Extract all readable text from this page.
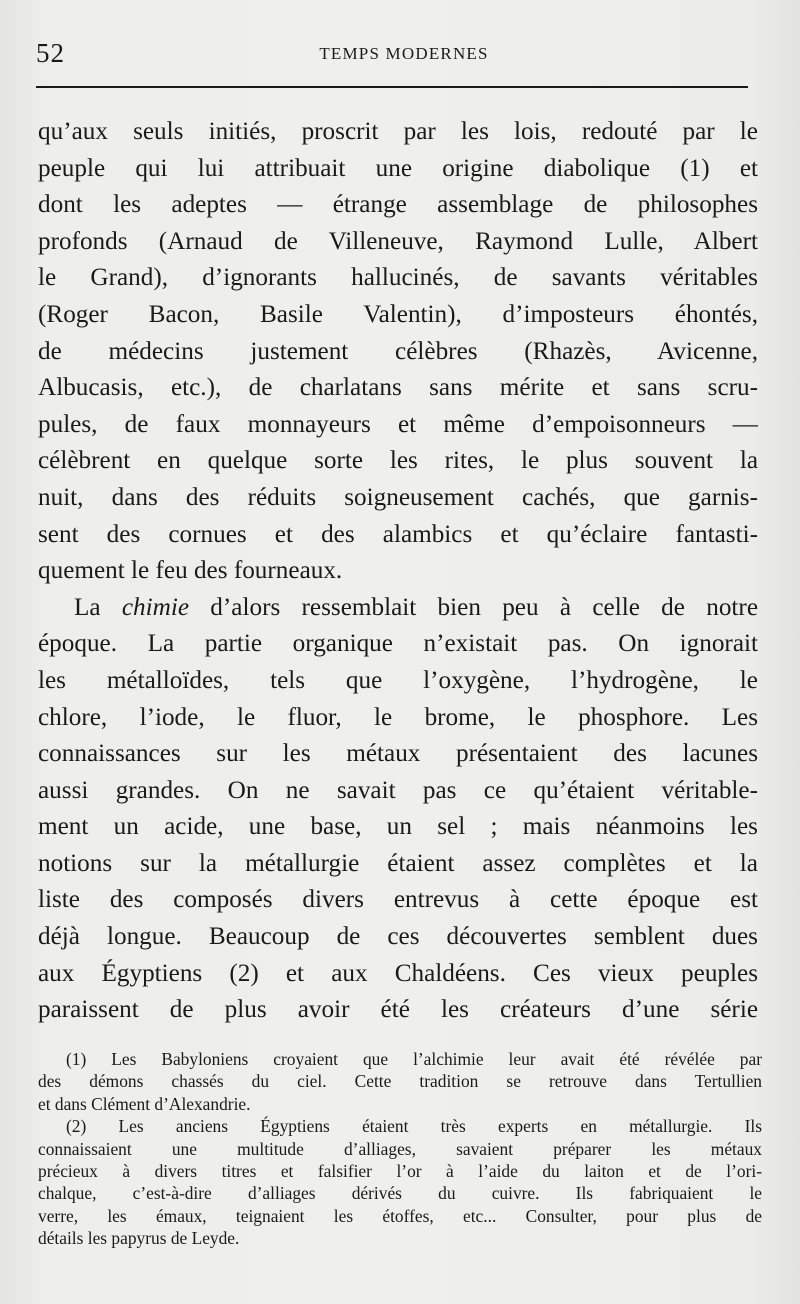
52	TEMPS MODERNES
qu’aux seuls initiés, proscrit par les lois, redouté par le
peuple qui lui attribuait une origine diabolique (1) et
dont les adeptes — étrange assemblage de philosophes
profonds (Arnaud de Villeneuve, Raymond Lulle, Albert
le Grand), d’ignorants hallucinés, de savants véritables
(Roger Bacon, Basile Valentin), d’imposteurs éhontés,
de médecins justement célèbres (Rhazès, Avicenne,
Albucasis, etc.), de charlatans sans mérite et sans scru-
pules, de faux monnayeurs et même d’empoisonneurs —
célèbrent en quelque sorte les rites, le plus souvent la
nuit, dans des réduits soigneusement cachés, que garnis-
sent des cornues et des alambics et qu’éclaire fantasti-
quement le feu des fourneaux.
La chimie d’alors ressemblait bien peu à celle de notre
époque. La partie organique n’existait pas. On ignorait
les métalloïdes, tels que l’oxygène, l’hydrogène, le
chlore, l’iode, le fluor, le brome, le phosphore. Les
connaissances sur les métaux présentaient des lacunes
aussi grandes. On ne savait pas ce qu’étaient véritable-
ment un acide, une base, un sel ; mais néanmoins les
notions sur la métallurgie étaient assez complètes et la
liste des composés divers entrevus à cette époque est
déjà longue. Beaucoup de ces découvertes semblent dues
aux Égyptiens (2) et aux Chaldéens. Ces vieux peuples
paraissent de plus avoir été les créateurs d’une série
(1) Les Babyloniens croyaient que l’alchimie leur avait été révélée par
des démons chassés du ciel. Cette tradition se retrouve dans Tertullien
et dans Clément d’Alexandrie.
(2) Les anciens Égyptiens étaient très experts en métallurgie. Ils
connaissaient une multitude d’alliages, savaient préparer les métaux
précieux à divers titres et falsifier l’or à l’aide du laiton et de l’ori-
chalque, c’est-à-dire d’alliages dérivés du cuivre. Ils fabriquaient le
verre, les émaux, teignaient les étoffes, etc... Consulter, pour plus de
détails les papyrus de Leyde.
